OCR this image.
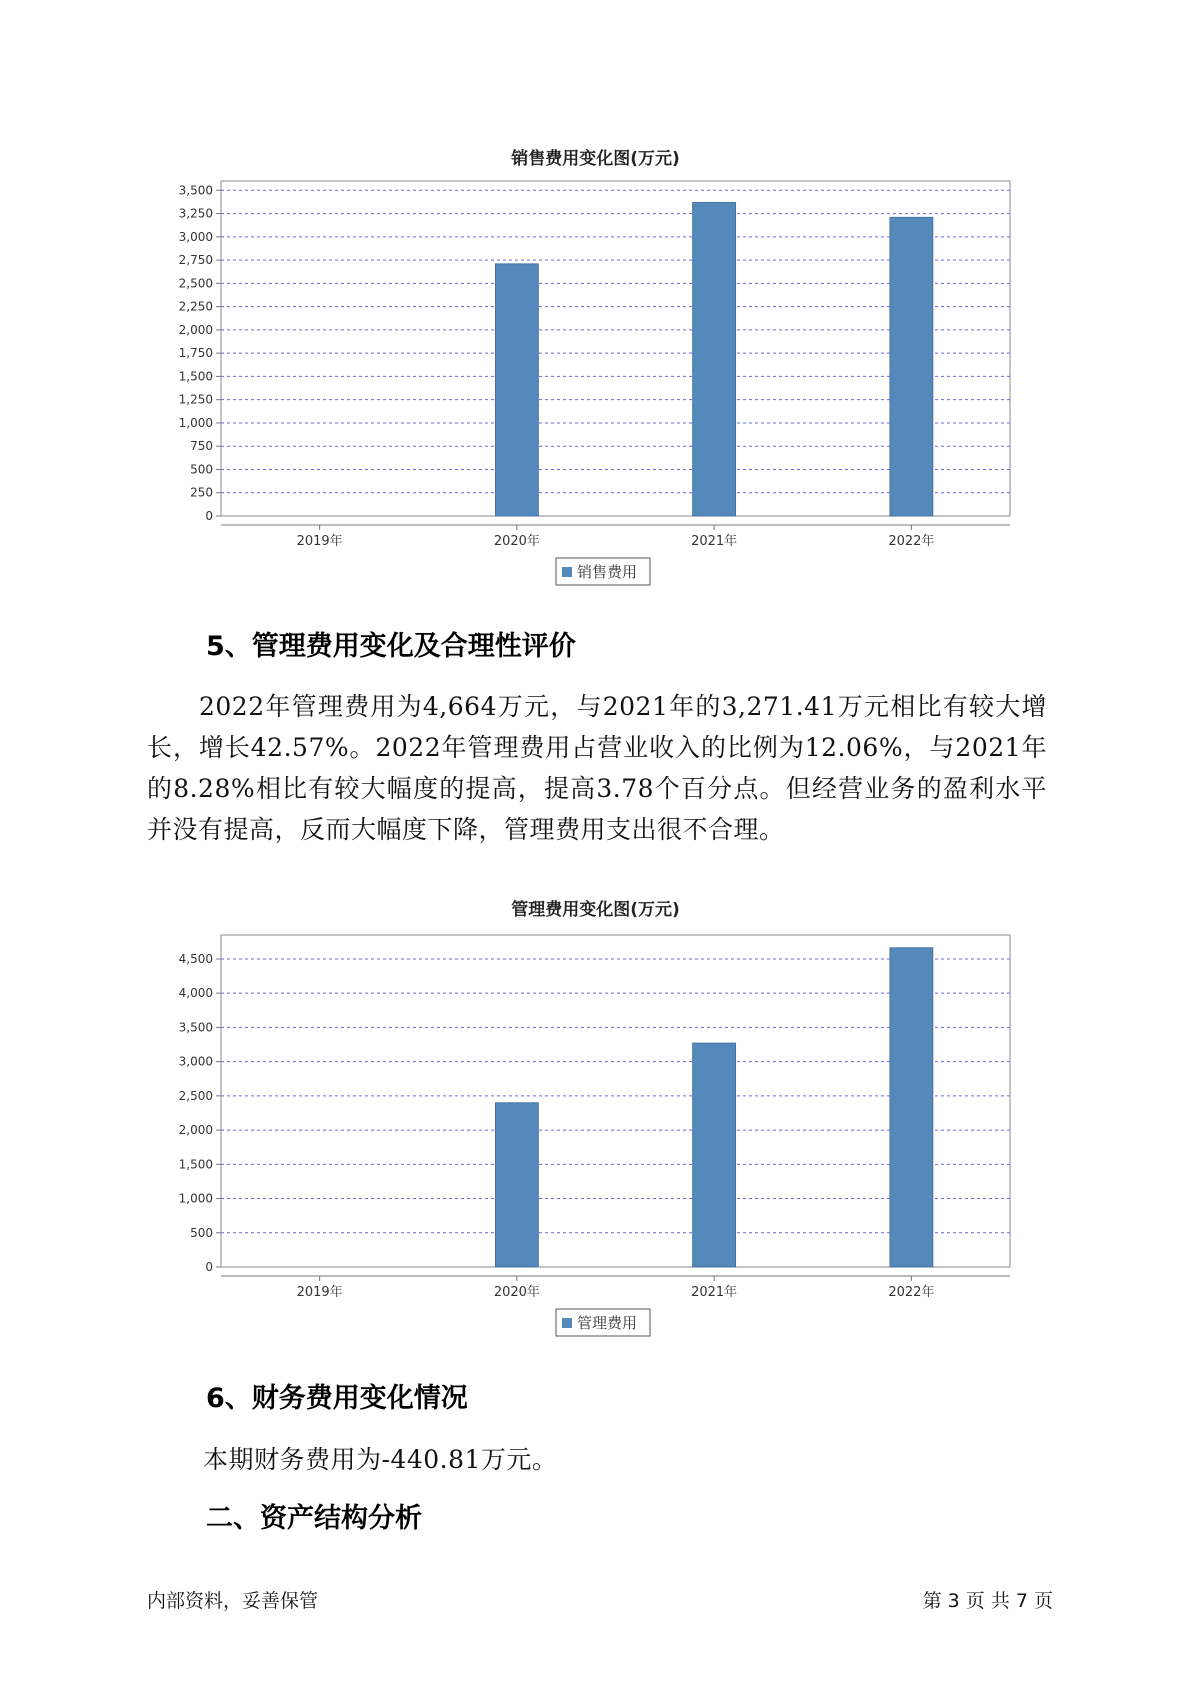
销售费用变化图(万元)
0
250
500
750
1,000
1,250
1,500
1,750
2,000
2,250
2,500
2,750
3,000
3,250
3,500
2019年	2020年	2021年	2022年
销售费用
5、管理费用变化及合理性评价

2022年管理费用为4,664万元，与2021年的3,271.41万元相比有较大增长，增长42.57%。2022年管理费用占营业收入的比例为12.06%，与2021年的8.28%相比有较大幅度的提高，提高3.78个百分点。但经营业务的盈利水平并没有提高，反而大幅度下降，管理费用支出很不合理。

管理费用变化图(万元)
0
500
1,000
1,500
2,000
2,500
3,000
3,500
4,000
4,500
2019年	2020年	2021年	2022年
管理费用
6、财务费用变化情况

本期财务费用为-440.81万元。

二、资产结构分析
内部资料，妥善保管	第 3 页 共 7 页
